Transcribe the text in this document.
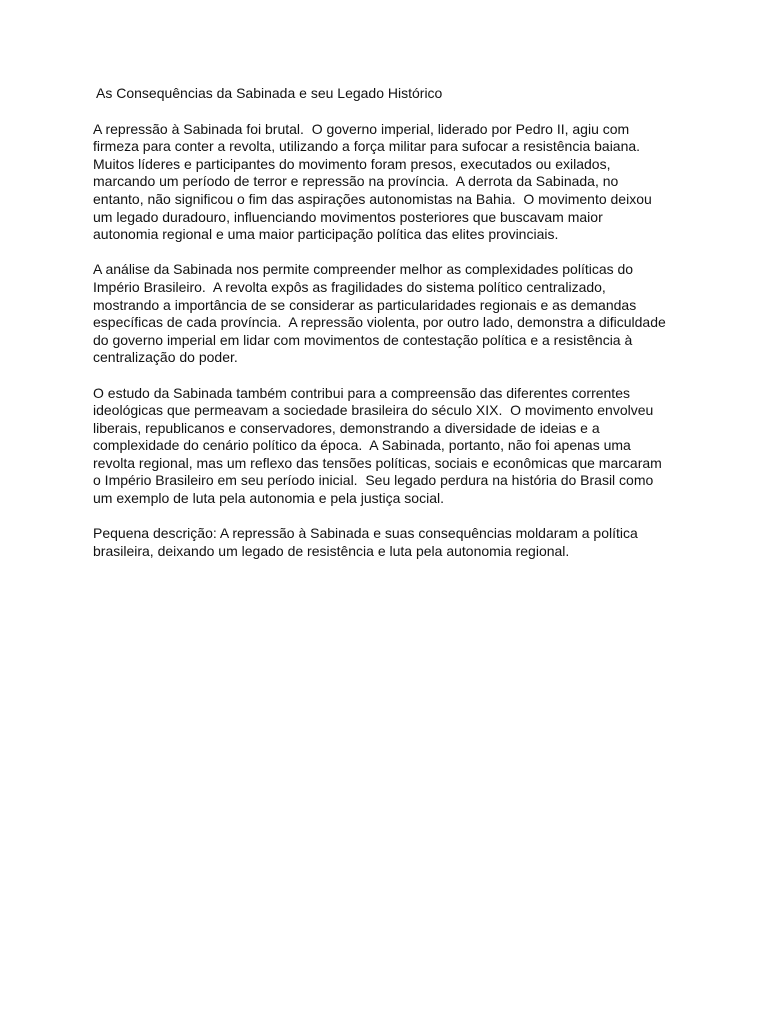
As Consequências da Sabinada e seu Legado Histórico

A repressão à Sabinada foi brutal.  O governo imperial, liderado por Pedro II, agiu com
firmeza para conter a revolta, utilizando a força militar para sufocar a resistência baiana.
Muitos líderes e participantes do movimento foram presos, executados ou exilados,
marcando um período de terror e repressão na província.  A derrota da Sabinada, no
entanto, não significou o fim das aspirações autonomistas na Bahia.  O movimento deixou
um legado duradouro, influenciando movimentos posteriores que buscavam maior
autonomia regional e uma maior participação política das elites provinciais.

A análise da Sabinada nos permite compreender melhor as complexidades políticas do
Império Brasileiro.  A revolta expôs as fragilidades do sistema político centralizado,
mostrando a importância de se considerar as particularidades regionais e as demandas
específicas de cada província.  A repressão violenta, por outro lado, demonstra a dificuldade
do governo imperial em lidar com movimentos de contestação política e a resistência à
centralização do poder.

O estudo da Sabinada também contribui para a compreensão das diferentes correntes
ideológicas que permeavam a sociedade brasileira do século XIX.  O movimento envolveu
liberais, republicanos e conservadores, demonstrando a diversidade de ideias e a
complexidade do cenário político da época.  A Sabinada, portanto, não foi apenas uma
revolta regional, mas um reflexo das tensões políticas, sociais e econômicas que marcaram
o Império Brasileiro em seu período inicial.  Seu legado perdura na história do Brasil como
um exemplo de luta pela autonomia e pela justiça social.

Pequena descrição: A repressão à Sabinada e suas consequências moldaram a política
brasileira, deixando um legado de resistência e luta pela autonomia regional.
